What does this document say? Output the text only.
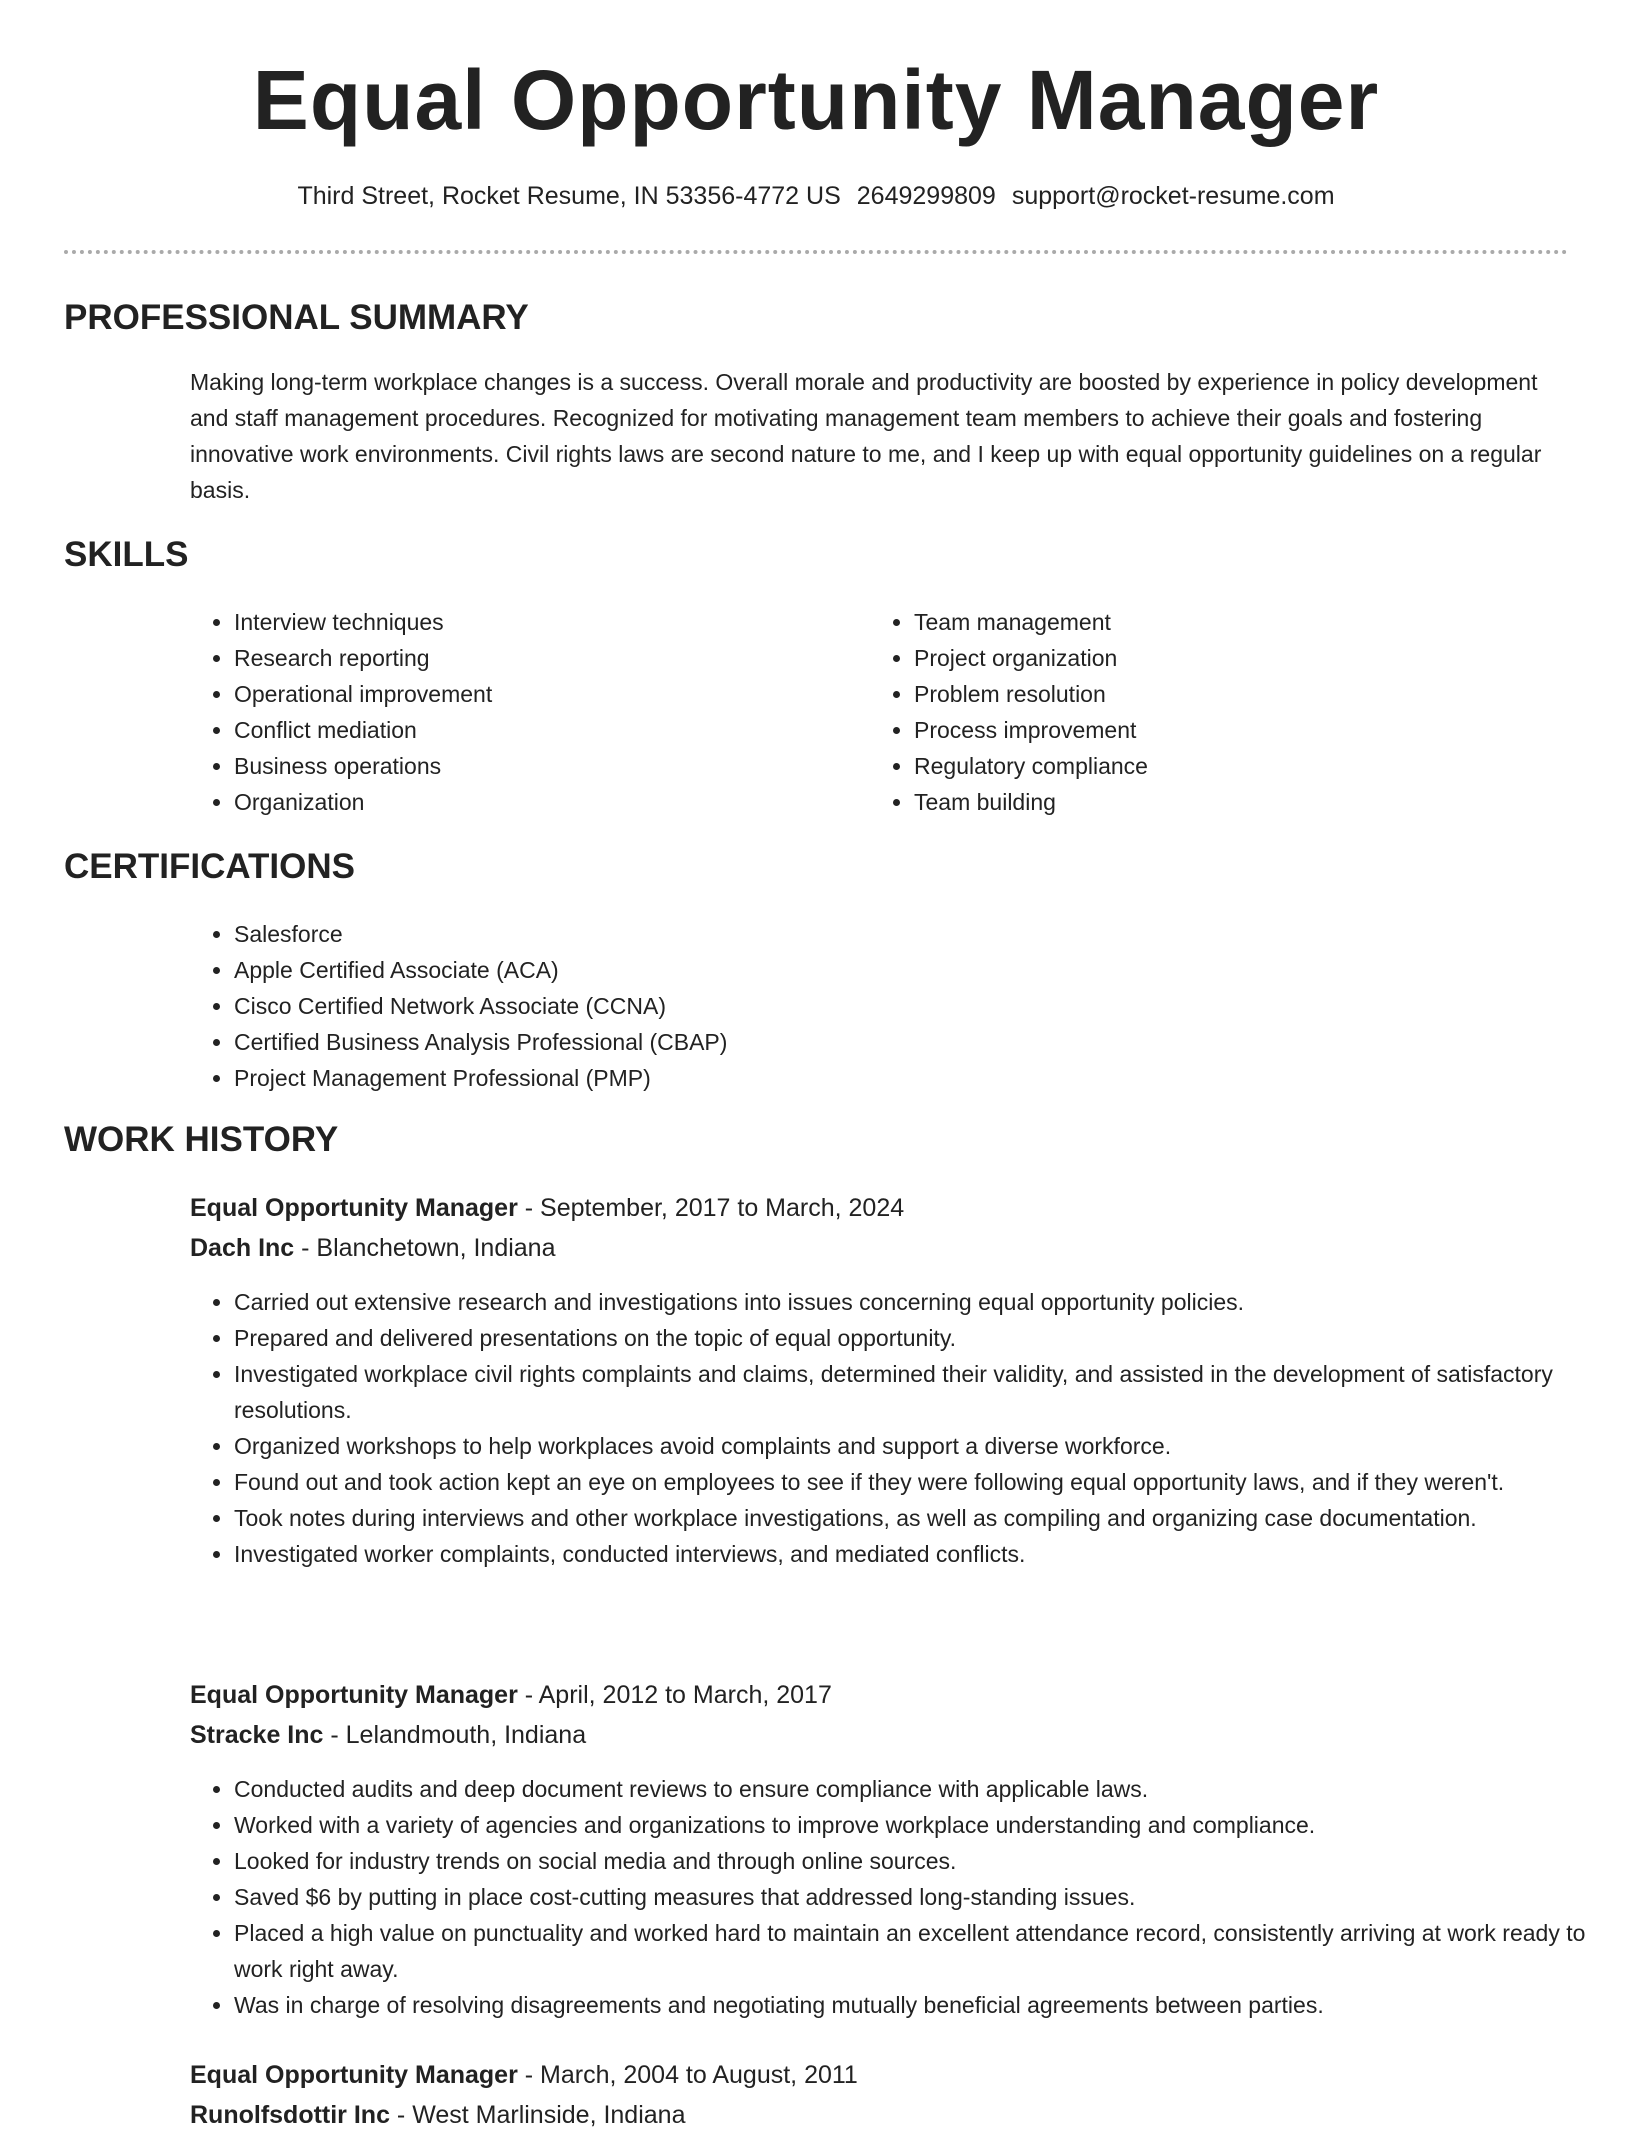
Equal Opportunity Manager
Third Street, Rocket Resume, IN 53356-4772 US 2649299809 support@rocket-resume.com
PROFESSIONAL SUMMARY

Making long-term workplace changes is a success. Overall morale and productivity are boosted by experience in policy development and staff management procedures. Recognized for motivating management team members to achieve their goals and fostering innovative work environments. Civil rights laws are second nature to me, and I keep up with equal opportunity guidelines on a regular basis.

SKILLS
• Interview techniques
• Research reporting
• Operational improvement
• Conflict mediation
• Business operations
• Organization
• Team management
• Project organization
• Problem resolution
• Process improvement
• Regulatory compliance
• Team building
CERTIFICATIONS
• Salesforce
• Apple Certified Associate (ACA)
• Cisco Certified Network Associate (CCNA)
• Certified Business Analysis Professional (CBAP)
• Project Management Professional (PMP)
WORK HISTORY
Equal Opportunity Manager - September, 2017 to March, 2024
Dach Inc - Blanchetown, Indiana
• Carried out extensive research and investigations into issues concerning equal opportunity policies.
• Prepared and delivered presentations on the topic of equal opportunity.
• Investigated workplace civil rights complaints and claims, determined their validity, and assisted in the development of satisfactory resolutions.
• Organized workshops to help workplaces avoid complaints and support a diverse workforce.
• Found out and took action kept an eye on employees to see if they were following equal opportunity laws, and if they weren't.
• Took notes during interviews and other workplace investigations, as well as compiling and organizing case documentation.
• Investigated worker complaints, conducted interviews, and mediated conflicts.
Equal Opportunity Manager - April, 2012 to March, 2017
Stracke Inc - Lelandmouth, Indiana
• Conducted audits and deep document reviews to ensure compliance with applicable laws.
• Worked with a variety of agencies and organizations to improve workplace understanding and compliance.
• Looked for industry trends on social media and through online sources.
• Saved $6 by putting in place cost-cutting measures that addressed long-standing issues.
• Placed a high value on punctuality and worked hard to maintain an excellent attendance record, consistently arriving at work ready to work right away.
• Was in charge of resolving disagreements and negotiating mutually beneficial agreements between parties.
Equal Opportunity Manager - March, 2004 to August, 2011
Runolfsdottir Inc - West Marlinside, Indiana
